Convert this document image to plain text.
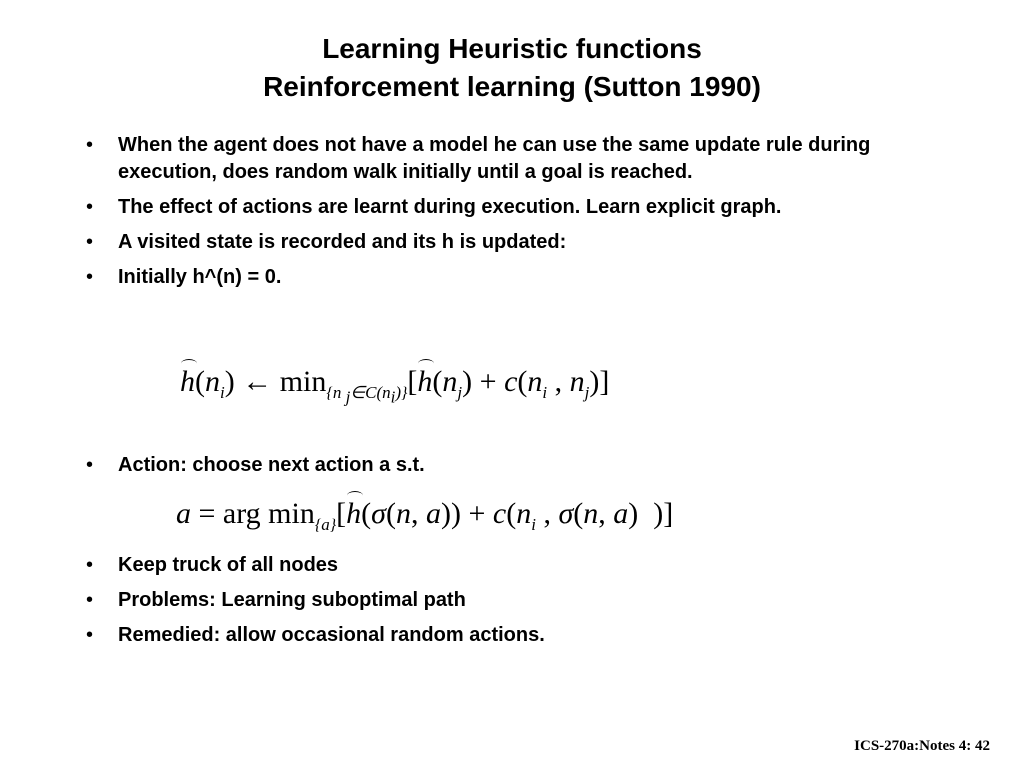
Learning Heuristic functions
Reinforcement learning (Sutton 1990)
• When the agent does not have a model he can use the same update rule during execution, does random walk initially until a goal is reached.
• The effect of actions are learnt during execution. Learn explicit graph.
• A visited state is recorded and its h is updated:
• Initially h^(n) = 0.
$h(n_i)$ ← $\min_{\{n _j\in C(n_i)\}}[h(n_j) + c(n_i$ , $n_j$)]
• Action: choose next action a s.t.
a = arg $\min_{\{a\}}[h(\sigma(n$, $a)) + c(n_i$ , σ(n, a)  )]
• Keep truck of all nodes
• Problems: Learning suboptimal path
• Remedied: allow occasional random actions.
ICS-270a:Notes 4: 42
